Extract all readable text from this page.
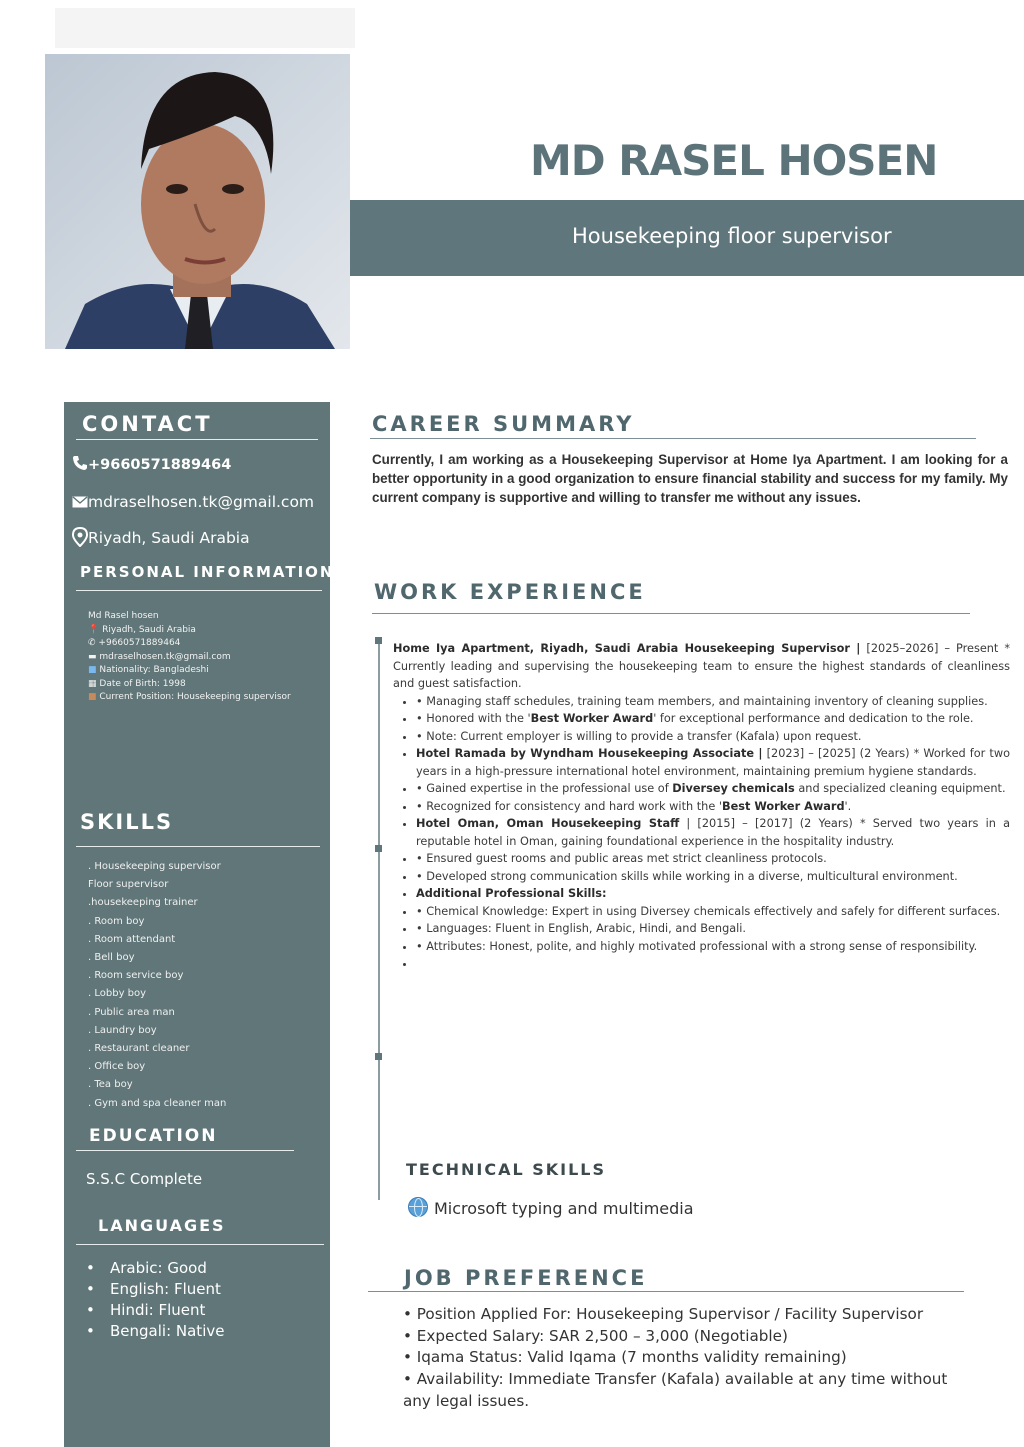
MD RASEL HOSEN
Housekeeping floor supervisor
CONTACT
+9660571889464
mdraselhosen.tk@gmail.com
Riyadh, Saudi Arabia
PERSONAL INFORMATION
Md Rasel hosen
📍 Riyadh, Saudi Arabia
✆ +966057188946‍4
▬ mdraselhosen.tk@gmail.com
■ Nationality: Bangladeshi
▦ Date of Birth: 1998
■ Current Position: Housekeeping supervisor
SKILLS
. Housekeeping supervisor
Floor supervisor
.housekeeping trainer
. Room boy
. Room attendant
. Bell boy
. Room service boy
. Lobby boy
. Public area man
. Laundry boy
. Restaurant cleaner
. Office boy
. Tea boy
. Gym and spa cleaner man
EDUCATION
S.S.C Complete
LANGUAGES
• Arabic: Good
• English: Fluent
• Hindi: Fluent
• Bengali: Native
CAREER SUMMARY
Currently, I am working as a Housekeeping Supervisor at Home Iya Apartment. I am looking for a better opportunity in a good organization to ensure financial stability and success for my family. My current company is supportive and willing to transfer me without any issues.
WORK EXPERIENCE

Home Iya Apartment, Riyadh, Saudi Arabia Housekeeping Supervisor | [2025–2026] – Present * Currently leading and supervising the housekeeping team to ensure the highest standards of cleanliness and guest satisfaction.

• • Managing staff schedules, training team members, and maintaining inventory of cleaning supplies.
• • Honored with the 'Best Worker Award' for exceptional performance and dedication to the role.
• • Note: Current employer is willing to provide a transfer (Kafala) upon request.
• Hotel Ramada by Wyndham Housekeeping Associate | [2023] – [2025] (2 Years) * Worked for two years in a high-pressure international hotel environment, maintaining premium hygiene standards.
• • Gained expertise in the professional use of Diversey chemicals and specialized cleaning equipment.
• • Recognized for consistency and hard work with the 'Best Worker Award'.
• Hotel Oman, Oman Housekeeping Staff | [2015] – [2017] (2 Years) * Served two years in a reputable hotel in Oman, gaining foundational experience in the hospitality industry.
• • Ensured guest rooms and public areas met strict cleanliness protocols.
• • Developed strong communication skills while working in a diverse, multicultural environment.
• Additional Professional Skills:
• • Chemical Knowledge: Expert in using Diversey chemicals effectively and safely for different surfaces.
• • Languages: Fluent in English, Arabic, Hindi, and Bengali.
• • Attributes: Honest, polite, and highly motivated professional with a strong sense of responsibility.
•
TECHNICAL SKILLS
Microsoft typing and multimedia
JOB PREFERENCE
• Position Applied For: Housekeeping Supervisor / Facility Supervisor
• Expected Salary: SAR 2,500 – 3,000 (Negotiable)
• Iqama Status: Valid Iqama (7 months validity remaining)
• Availability: Immediate Transfer (Kafala) available at any time without any legal issues.
